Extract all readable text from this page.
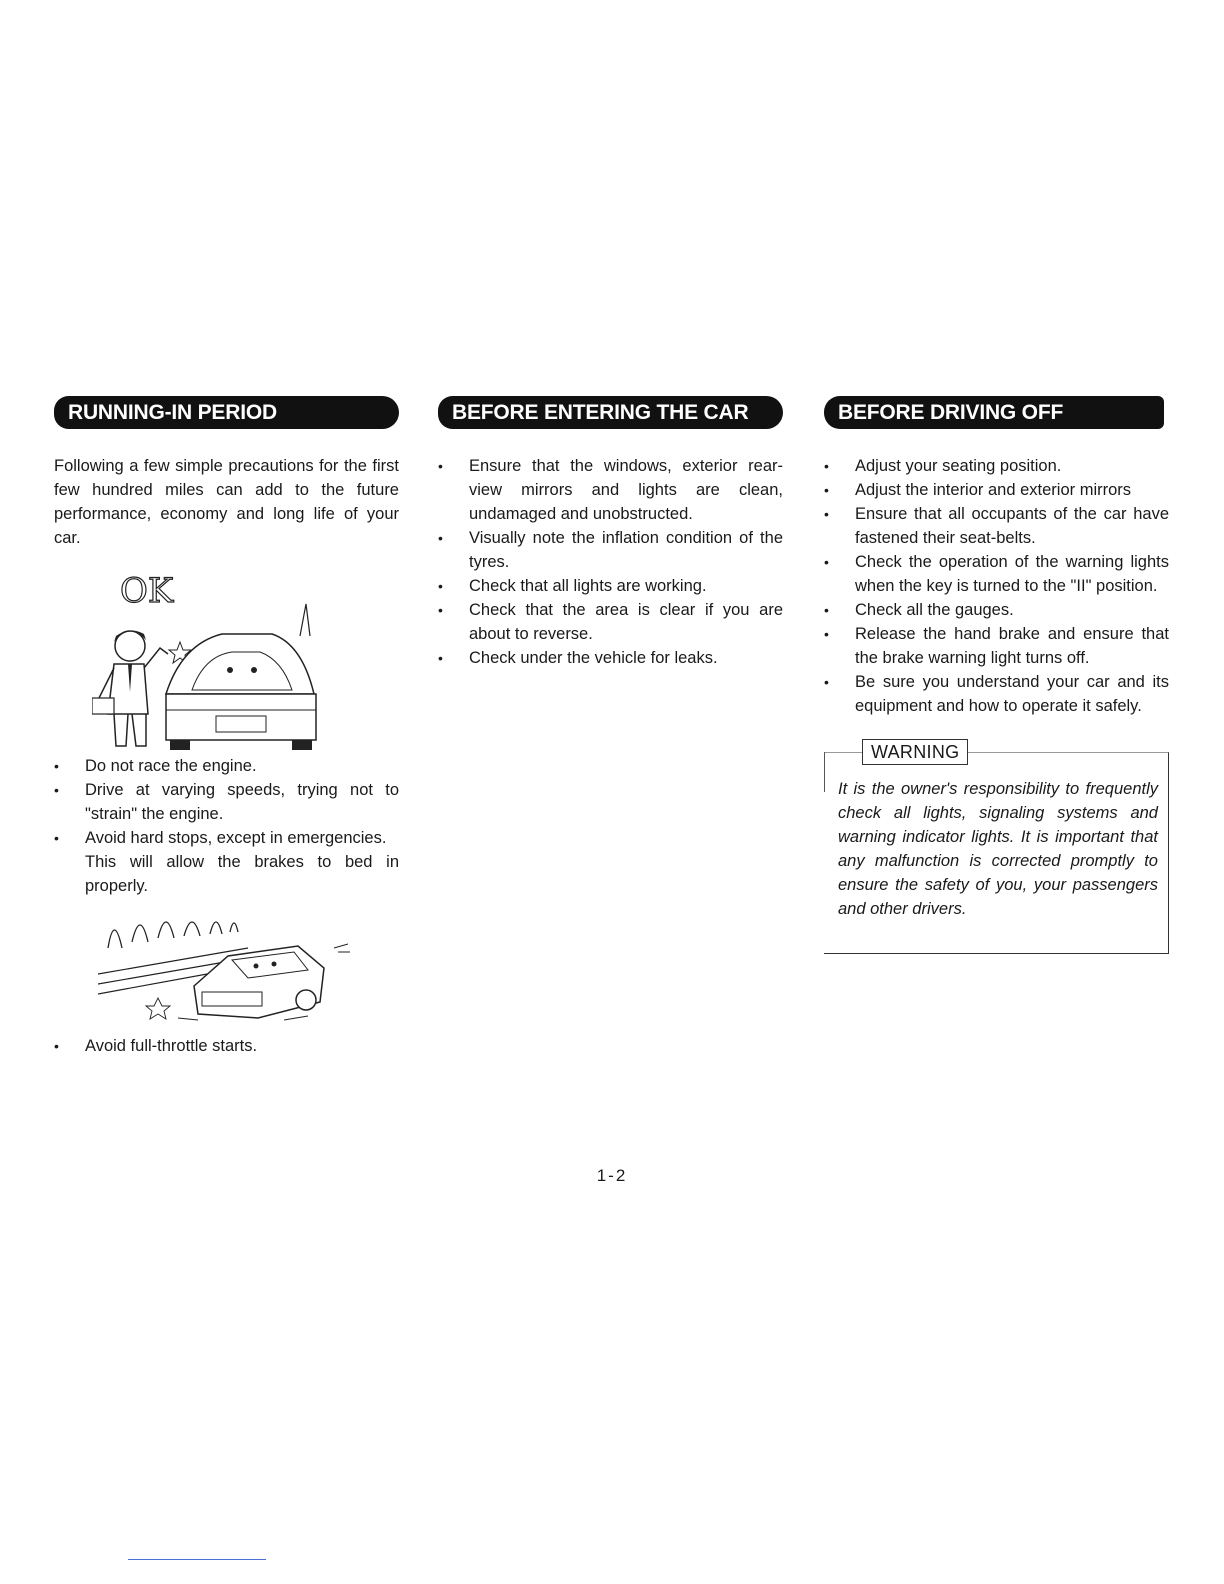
RUNNING-IN PERIOD

Following a few simple precautions for the first few hundred miles can add to the future performance, economy and long life of your car.

OK
• Do not race the engine.
• Drive at varying speeds, trying not to "strain" the engine.
• Avoid hard stops, except in emergencies.
This will allow the brakes to bed in properly.
• Avoid full-throttle starts.
BEFORE ENTERING THE CAR
• Ensure that the windows, exterior rear-view mirrors and lights are clean, undamaged and unobstructed.
• Visually note the inflation condition of the tyres.
• Check that all lights are working.
• Check that the area is clear if you are about to reverse.
• Check under the vehicle for leaks.
BEFORE DRIVING OFF
• Adjust your seating position.
• Adjust the interior and exterior mirrors
• Ensure that all occupants of the car have fastened their seat-belts.
• Check the operation of the warning lights when the key is turned to the "II" position.
• Check all the gauges.
• Release the hand brake and ensure that the brake warning light turns off.
• Be sure you understand your car and its equipment and how to operate it safely.
WARNING

It is the owner's responsibility to frequently check all lights, signaling systems and warning indicator lights. It is important that any malfunction is corrected promptly to ensure the safety of you, your passengers and other drivers.

1-2
